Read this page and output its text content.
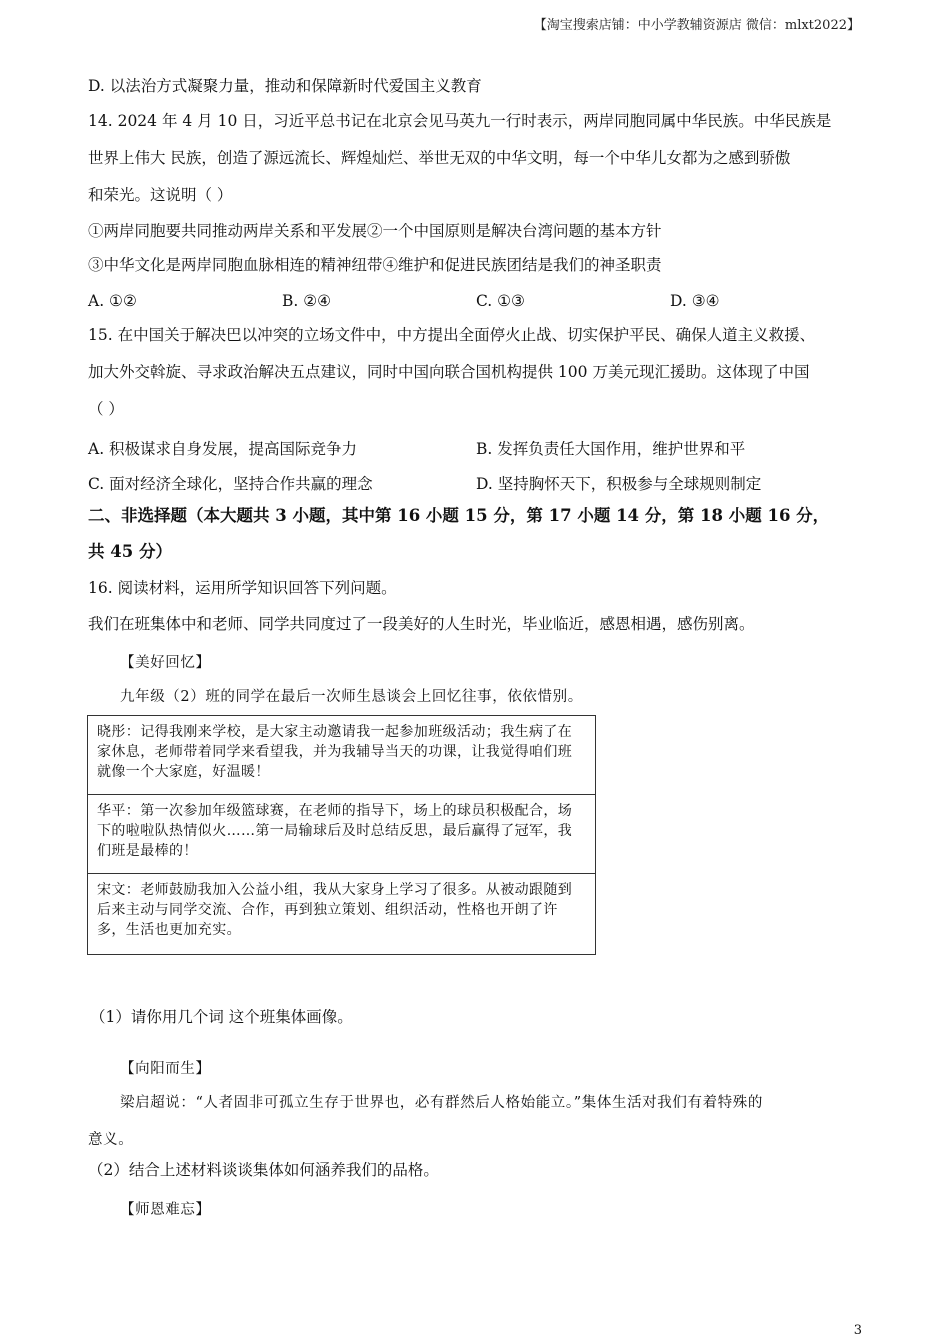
【淘宝搜索店铺：中小学教辅资源店 微信：mlxt2022】
D. 以法治方式凝聚力量，推动和保障新时代爱国主义教育
14. 2024 年 4 月 10 日，习近平总书记在北京会见马英九一行时表示，两岸同胞同属中华民族。中华民族是
世界上伟大 民族，创造了源远流长、辉煌灿烂、举世无双的中华文明，每一个中华儿女都为之感到骄傲
和荣光。这说明（ ）
①两岸同胞要共同推动两岸关系和平发展②一个中国原则是解决台湾问题的基本方针
③中华文化是两岸同胞血脉相连的精神纽带④维护和促进民族团结是我们的神圣职责
A. ①②	B. ②④	C. ①③	D. ③④
15. 在中国关于解决巴以冲突的立场文件中，中方提出全面停火止战、切实保护平民、确保人道主义救援、
加大外交斡旋、寻求政治解决五点建议，同时中国向联合国机构提供 100 万美元现汇援助。这体现了中国
（ ）
A. 积极谋求自身发展，提高国际竞争力	B. 发挥负责任大国作用，维护世界和平
C. 面对经济全球化，坚持合作共赢的理念	D. 坚持胸怀天下，积极参与全球规则制定
二、非选择题（本大题共 3 小题，其中第 16 小题 15 分，第 17 小题 14 分，第 18 小题 16 分，
共 45 分）
16. 阅读材料，运用所学知识回答下列问题。
我们在班集体中和老师、同学共同度过了一段美好的人生时光，毕业临近，感恩相遇，感伤别离。
【美好回忆】
九年级（2）班的同学在最后一次师生恳谈会上回忆往事，依依惜别。
晓彤：记得我刚来学校，是大家主动邀请我一起参加班级活动；我生病了在家休息，老师带着同学来看望我，并为我辅导当天的功课，让我觉得咱们班就像一个大家庭，好温暖！
华平：第一次参加年级篮球赛，在老师的指导下，场上的球员积极配合，场下的啦啦队热情似火……第一局输球后及时总结反思，最后赢得了冠军，我们班是最棒的！
宋文：老师鼓励我加入公益小组，我从大家身上学习了很多。从被动跟随到后来主动与同学交流、合作，再到独立策划、组织活动，性格也开朗了许多，生活也更加充实。
（1）请你用几个词 这个班集体画像。
【向阳而生】
梁启超说：“人者固非可孤立生存于世界也，必有群然后人格始能立。”集体生活对我们有着特殊的
意义。
（2）结合上述材料谈谈集体如何涵养我们的品格。
【师恩难忘】
3
